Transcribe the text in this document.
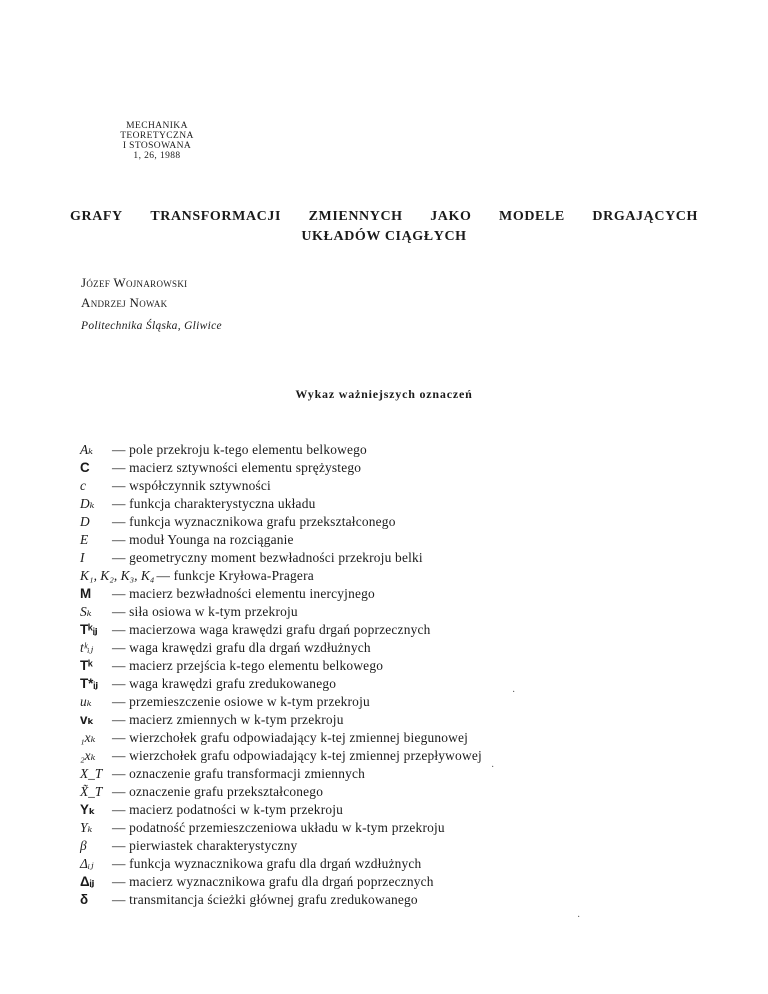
MECHANIKA
TEORETYCZNA
I STOSOWANA
1, 26, 1988
GRAFY TRANSFORMACJI ZMIENNYCH JAKO MODELE DRGAJĄCYCH
UKŁADÓW CIĄGŁYCH
Józef Wojnarowski
Andrzej Nowak
Politechnika Śląska, Gliwice
Wykaz ważniejszych oznaczeń
Aₖ	— pole przekroju k-tego elementu belkowego
C	— macierz sztywności elementu sprężystego
c	— współczynnik sztywności
Dₖ	— funkcja charakterystyczna układu
D	— funkcja wyznacznikowa grafu przekształconego
E	— moduł Younga na rozciąganie
I	— geometryczny moment bezwładności przekroju belki
K₁, K₂, K₃, K₄ — funkcje Kryłowa-Pragera
M	— macierz bezwładności elementu inercyjnego
Sₖ	— siła osiowa w k-tym przekroju
Tᵏᵢⱼ	— macierzowa waga krawędzi grafu drgań poprzecznych
tᵏᵢⱼ	— waga krawędzi grafu dla drgań wzdłużnych
Tᵏ	— macierz przejścia k-tego elementu belkowego
T*ᵢⱼ	— waga krawędzi grafu zredukowanego
uₖ	— przemieszczenie osiowe w k-tym przekroju
vₖ	— macierz zmiennych w k-tym przekroju
₁xₖ	— wierzchołek grafu odpowiadający k-tej zmiennej biegunowej
₂xₖ	— wierzchołek grafu odpowiadający k-tej zmiennej przepływowej
X_T — oznaczenie grafu transformacji zmiennych
X̃_T — oznaczenie grafu przekształconego
Yₖ	— macierz podatności w k-tym przekroju
Yₖ	— podatność przemieszczeniowa układu w k-tym przekroju
β	— pierwiastek charakterystyczny
Δᵢⱼ	— funkcja wyznacznikowa grafu dla drgań wzdłużnych
Δᵢⱼ	— macierz wyznacznikowa grafu dla drgań poprzecznych
δ	— transmitancja ścieżki głównej grafu zredukowanego
·
·
·
